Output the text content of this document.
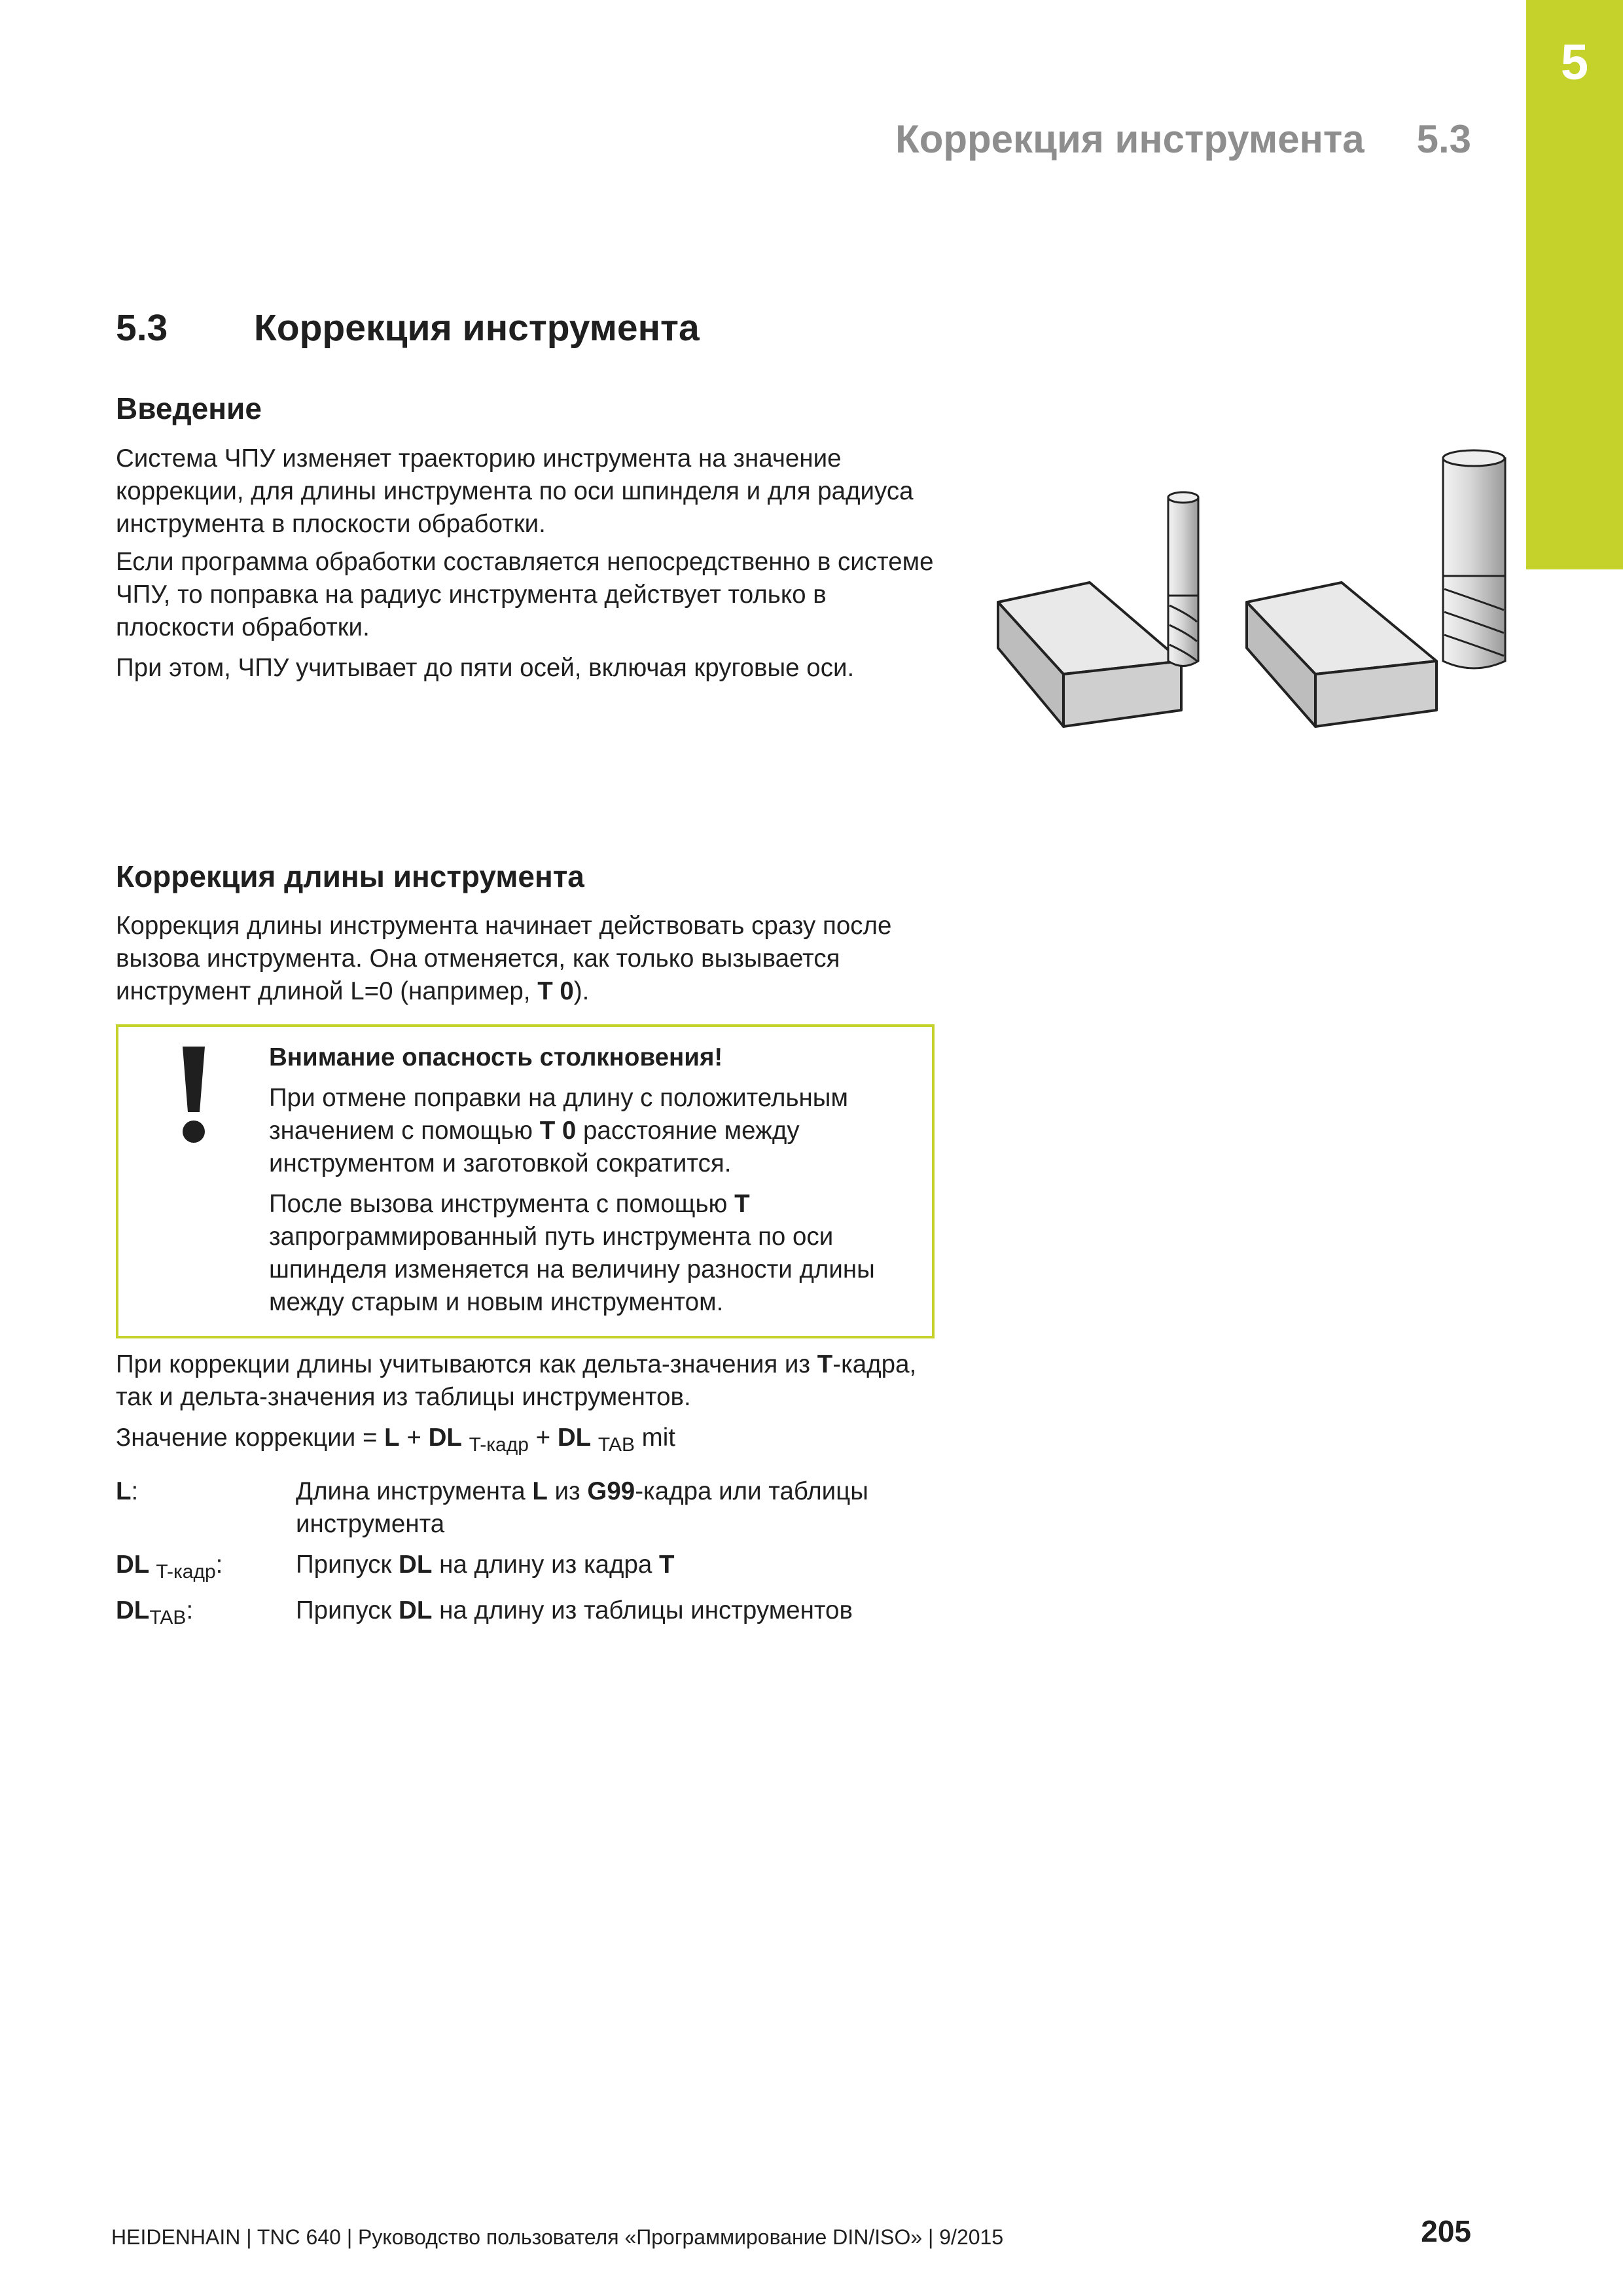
5
Коррекция инструмента 5.3
5.3 Коррекция инструмента
Введение

Система ЧПУ изменяет траекторию инструмента на значение коррекции, для длины инструмента по оси шпинделя и для радиуса инструмента в плоскости обработки.

Если программа обработки составляется непосредственно в системе ЧПУ, то поправка на радиус инструмента действует только в плоскости обработки.

При этом, ЧПУ учитывает до пяти осей, включая круговые оси.

Коррекция длины инструмента

Коррекция длины инструмента начинает действовать сразу после вызова инструмента. Она отменяется, как только вызывается инструмент длиной L=0 (например, T 0).

Внимание опасность столкновения!

При отмене поправки на длину с положительным значением с помощью T 0 расстояние между инструментом и заготовкой сократится.

После вызова инструмента с помощью T запрограммированный путь инструмента по оси шпинделя изменяется на величину разности длины между старым и новым инструментом.

При коррекции длины учитываются как дельта-значения из T-кадра, так и дельта-значения из таблицы инструментов.

Значение коррекции = L + DL $_{T-кадр}$ + DL $_{TAB}$ mit

L:	Длина инструмента L из G99-кадра или таблицы инструмента
DL $_{T-кадр}$:	Припуск DL на длину из кадра T
$DL_{TAB}$:	Припуск DL на длину из таблицы инструментов
HEIDENHAIN | TNC 640 | Руководство пользователя «Программирование DIN/ISO» | 9/2015	205
